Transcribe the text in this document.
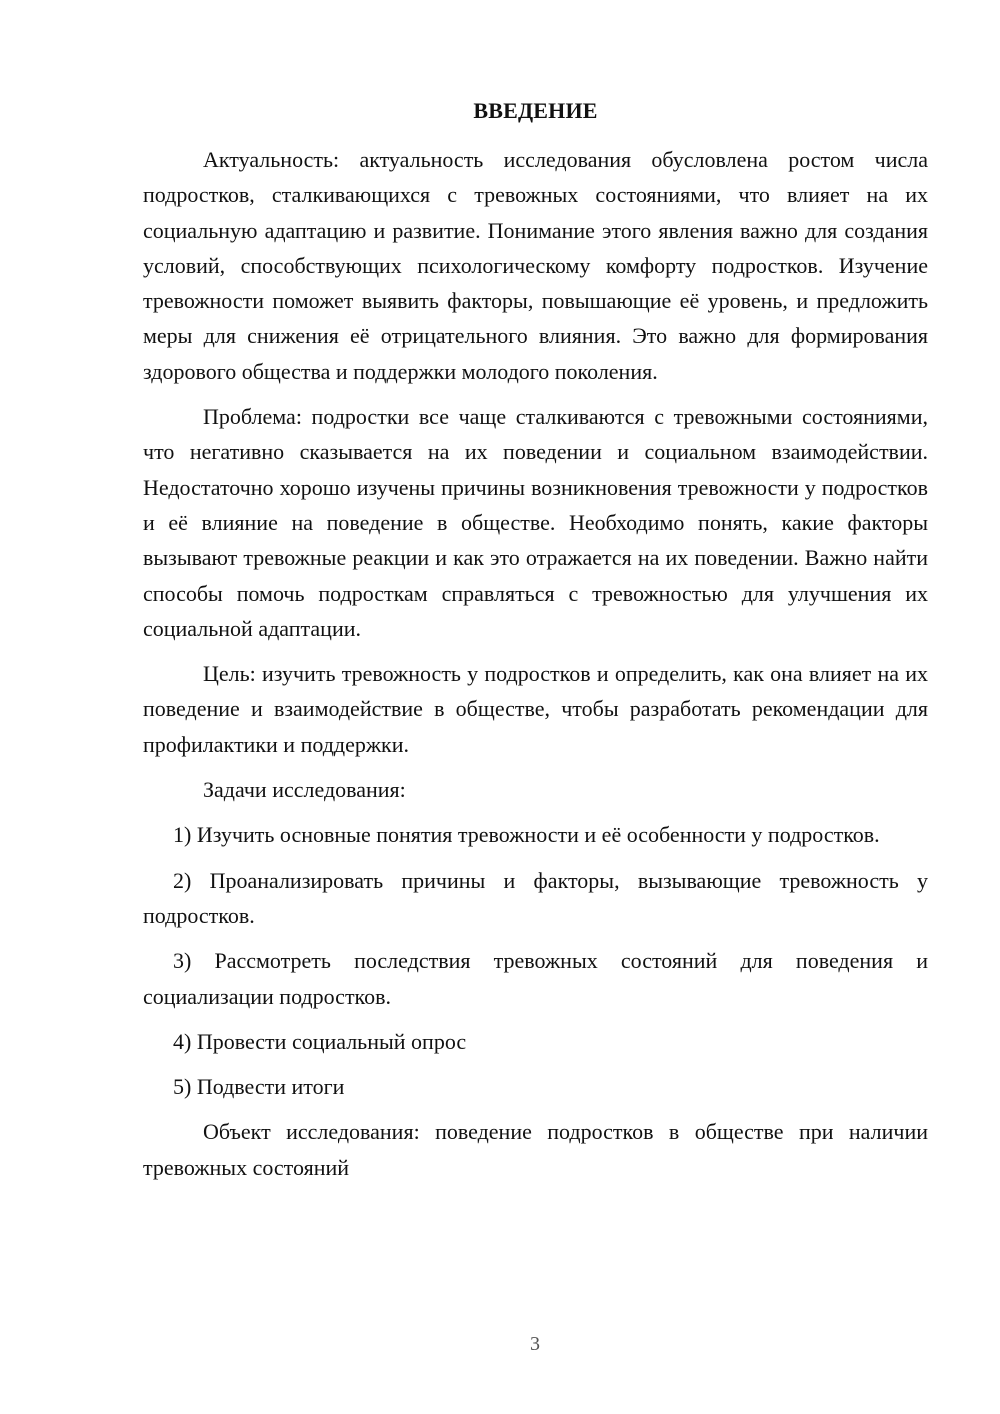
ВВЕДЕНИЕ

Актуальность: актуальность исследования обусловлена ростом числа подростков, сталкивающихся с тревожных состояниями, что влияет на их социальную адаптацию и развитие. Понимание этого явления важно для создания условий, способствующих психологическому комфорту подростков. Изучение тревожности поможет выявить факторы, повышающие её уровень, и предложить меры для снижения её отрицательного влияния. Это важно для формирования здорового общества и поддержки молодого поколения.

Проблема: подростки все чаще сталкиваются с тревожными состояниями, что негативно сказывается на их поведении и социальном взаимодействии. Недостаточно хорошо изучены причины возникновения тревожности у подростков и её влияние на поведение в обществе. Необходимо понять, какие факторы вызывают тревожные реакции и как это отражается на их поведении. Важно найти способы помочь подросткам справляться с тревожностью для улучшения их социальной адаптации.

Цель: изучить тревожность у подростков и определить, как она влияет на их поведение и взаимодействие в обществе, чтобы разработать рекомендации для профилактики и поддержки.

Задачи исследования:

1) Изучить основные понятия тревожности и её особенности у подростков.

2) Проанализировать причины и факторы, вызывающие тревожность у подростков.

3) Рассмотреть последствия тревожных состояний для поведения и социализации подростков.

4) Провести социальный опрос

5) Подвести итоги

Объект исследования: поведение подростков в обществе при наличии тревожных состояний

3
